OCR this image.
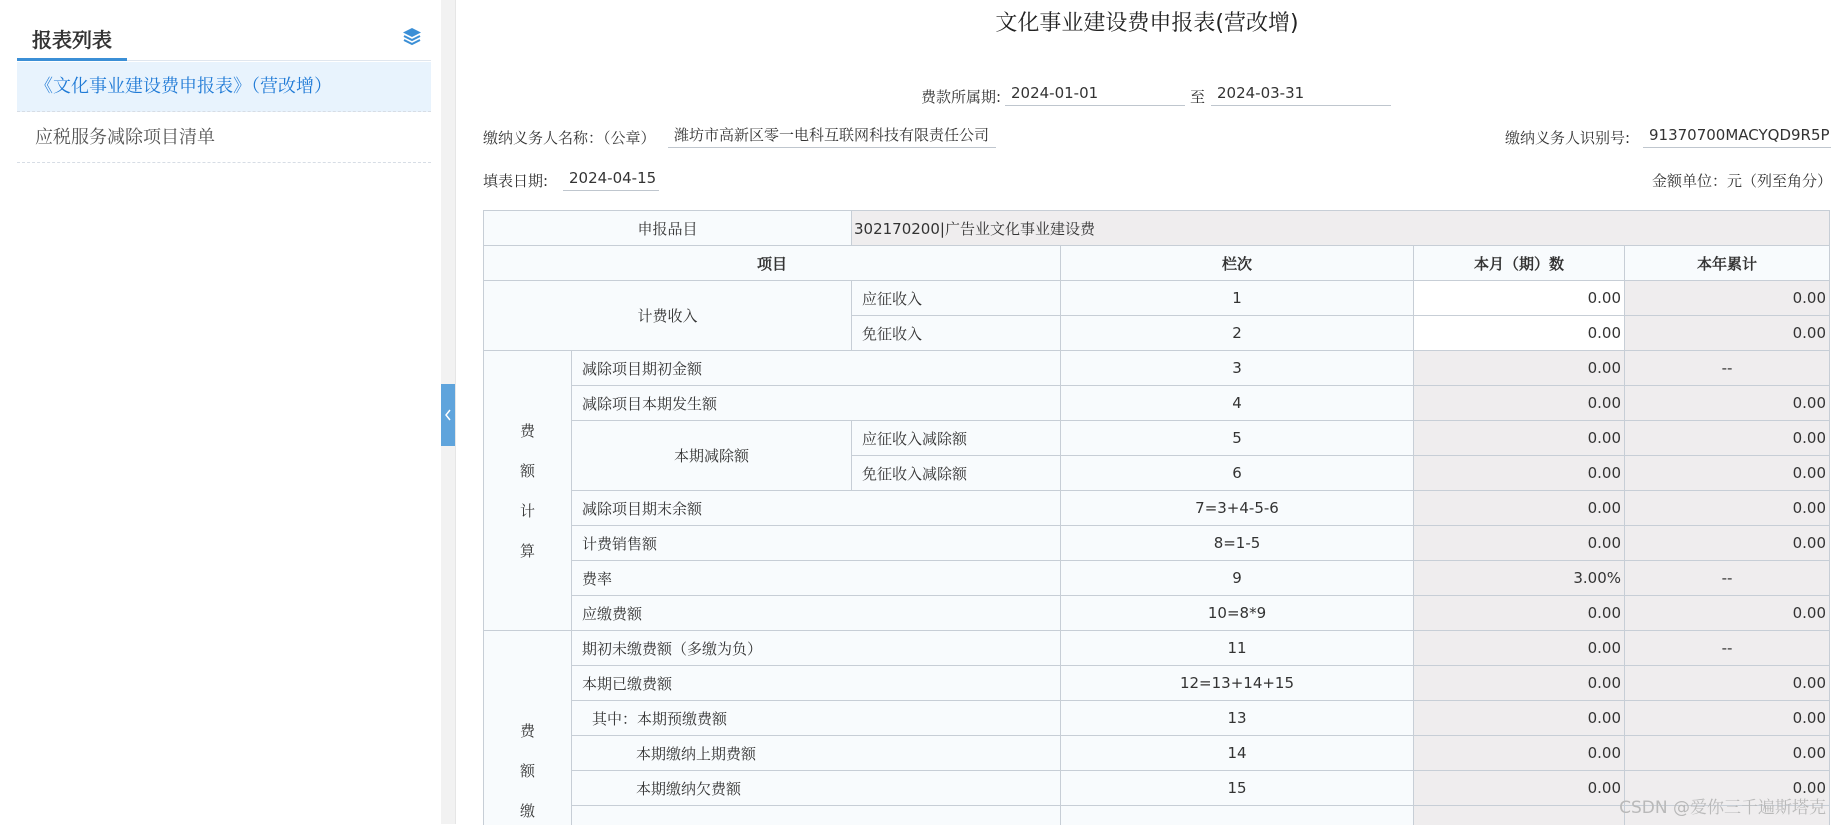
报表列表
《文化事业建设费申报表》（营改增）
应税服务减除项目清单
文化事业建设费申报表(营改增)
费款所属期: 2024-01-01	至 2024-03-31
缴纳义务人名称：（公章）	潍坊市高新区零一电科互联网科技有限责任公司	缴纳义务人识别号:	91370700MACYQD9R5P
填表日期:	2024-04-15	金额单位：元（列至角分）
申报品目	302170200|广告业文化事业建设费
项目	栏次	本月（期）数	本年累计
计费收入
应征收入	1	0.00	0.00
免征收入	2	0.00	0.00
费
额
计
算
减除项目期初金额	3	0.00	--
减除项目本期发生额	4	0.00	0.00
本期减除额
应征收入减除额	5	0.00	0.00
免征收入减除额	6	0.00	0.00
减除项目期末余额	7=3+4-5-6	0.00	0.00
计费销售额	8=1-5	0.00	0.00
费率	9	3.00%	--
应缴费额	10=8*9	0.00	0.00
费
额
缴
期初未缴费额（多缴为负）	11	0.00	--
本期已缴费额	12=13+14+15	0.00	0.00
其中：本期预缴费额	13	0.00	0.00
本期缴纳上期费额	14	0.00	0.00
本期缴纳欠费额	15	0.00	0.00
CSDN @爱你三千遍斯塔克
